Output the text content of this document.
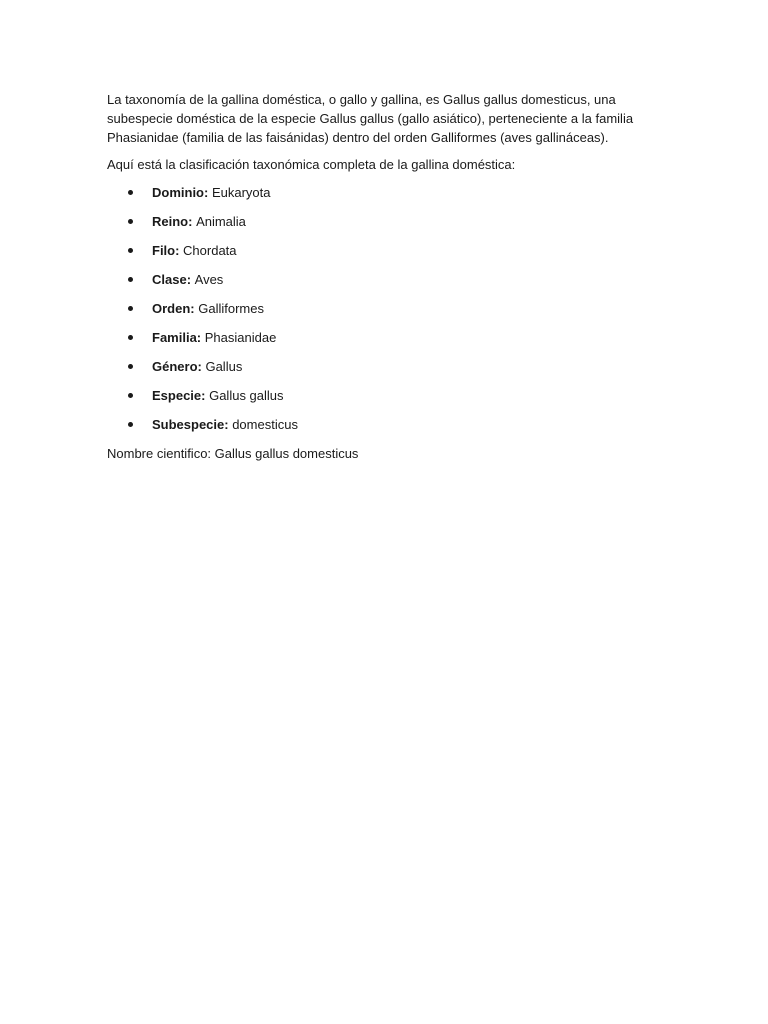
La taxonomía de la gallina doméstica, o gallo y gallina, es Gallus gallus domesticus, una subespecie doméstica de la especie Gallus gallus (gallo asiático), perteneciente a la familia Phasianidae (familia de las faisánidas) dentro del orden Galliformes (aves gallináceas).

Aquí está la clasificación taxonómica completa de la gallina doméstica:

Dominio: Eukaryota
Reino: Animalia
Filo: Chordata
Clase: Aves
Orden: Galliformes
Familia: Phasianidae
Género: Gallus
Especie: Gallus gallus
Subespecie: domesticus

Nombre cientifico: Gallus gallus domesticus
